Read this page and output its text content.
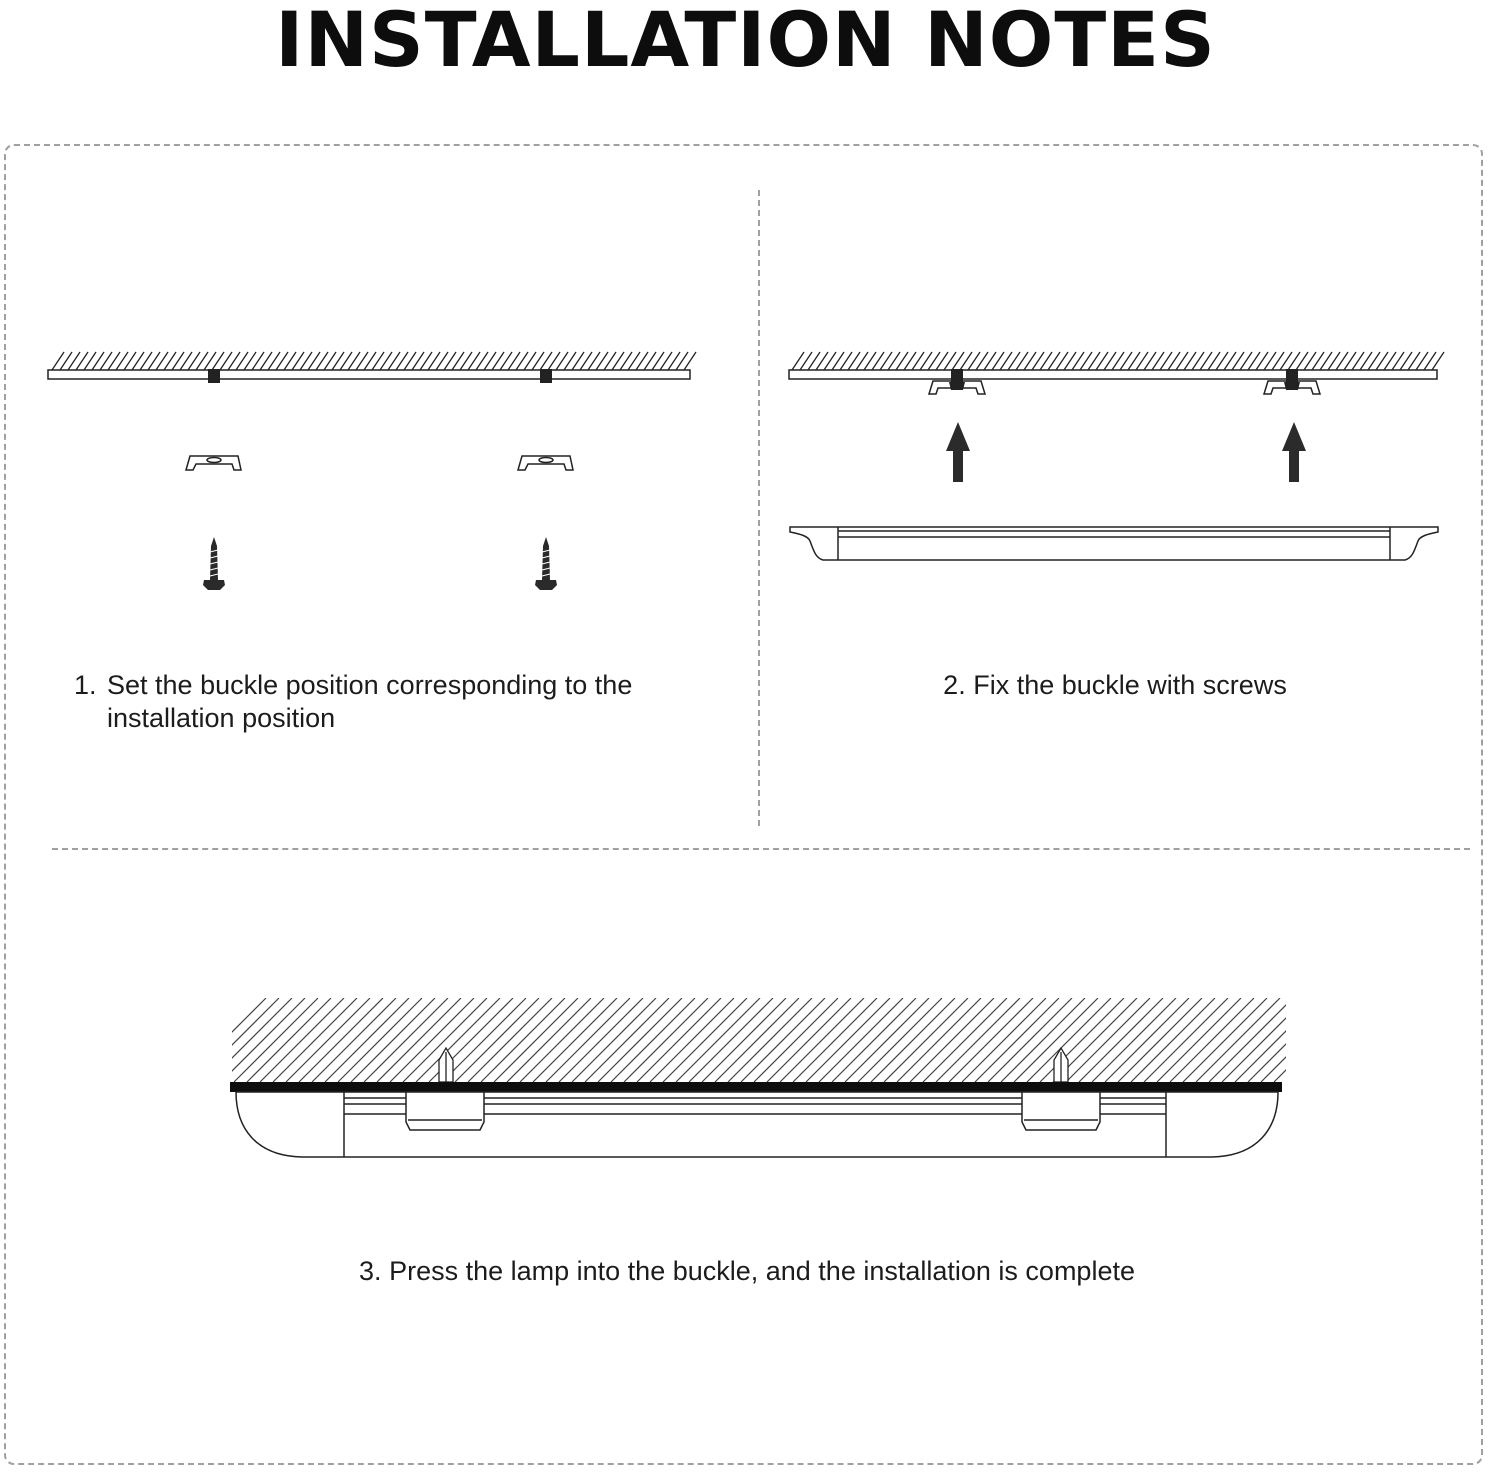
INSTALLATION NOTES
1. Set the buckle position corresponding to the installation position
2. Fix the buckle with screws
3. Press the lamp into the buckle, and the installation is complete
